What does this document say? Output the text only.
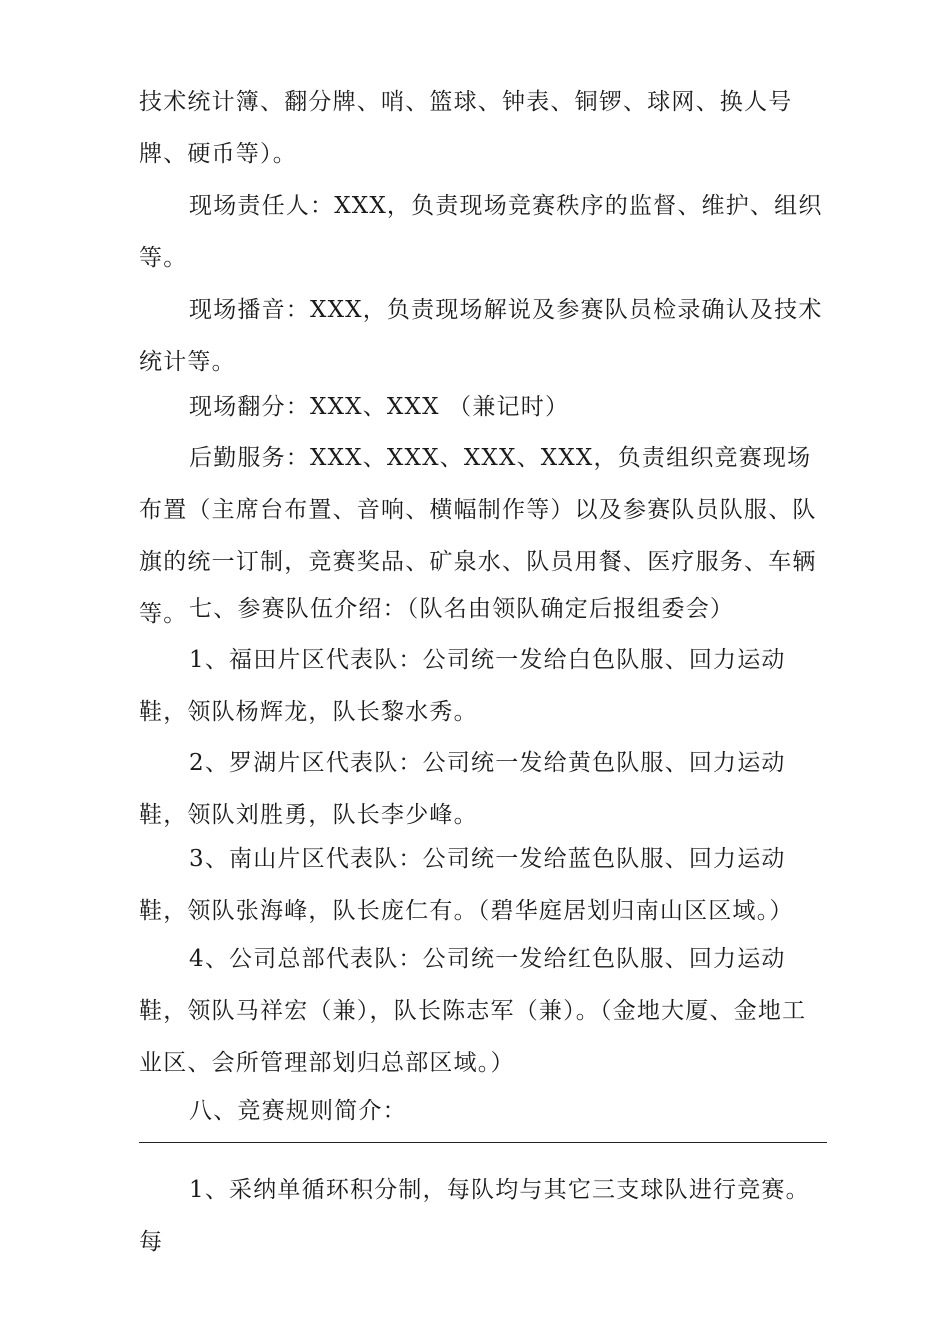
技术统计簿、翻分牌、哨、篮球、钟表、铜锣、球网、换人号牌、硬币等）。

现场责任人：XXX，负责现场竞赛秩序的监督、维护、组织等。

现场播音：XXX，负责现场解说及参赛队员检录确认及技术统计等。

现场翻分：XXX、XXX （兼记时）

后勤服务：XXX、XXX、XXX、XXX，负责组织竞赛现场布置（主席台布置、音响、横幅制作等）以及参赛队员队服、队旗的统一订制，竞赛奖品、矿泉水、队员用餐、医疗服务、车辆等。 七、参赛队伍介绍：（队名由领队确定后报组委会）

1、福田片区代表队：公司统一发给白色队服、回力运动鞋，领队杨辉龙，队长黎水秀。

2、罗湖片区代表队：公司统一发给黄色队服、回力运动鞋，领队刘胜勇，队长李少峰。

3、南山片区代表队：公司统一发给蓝色队服、回力运动鞋，领队张海峰，队长庞仁有。（碧华庭居划归南山区区域。）

4、公司总部代表队：公司统一发给红色队服、回力运动鞋，领队马祥宏（兼），队长陈志军（兼）。（金地大厦、金地工业区、会所管理部划归总部区域。）

八、竞赛规则简介：

1、采纳单循环积分制，每队均与其它三支球队进行竞赛。每
